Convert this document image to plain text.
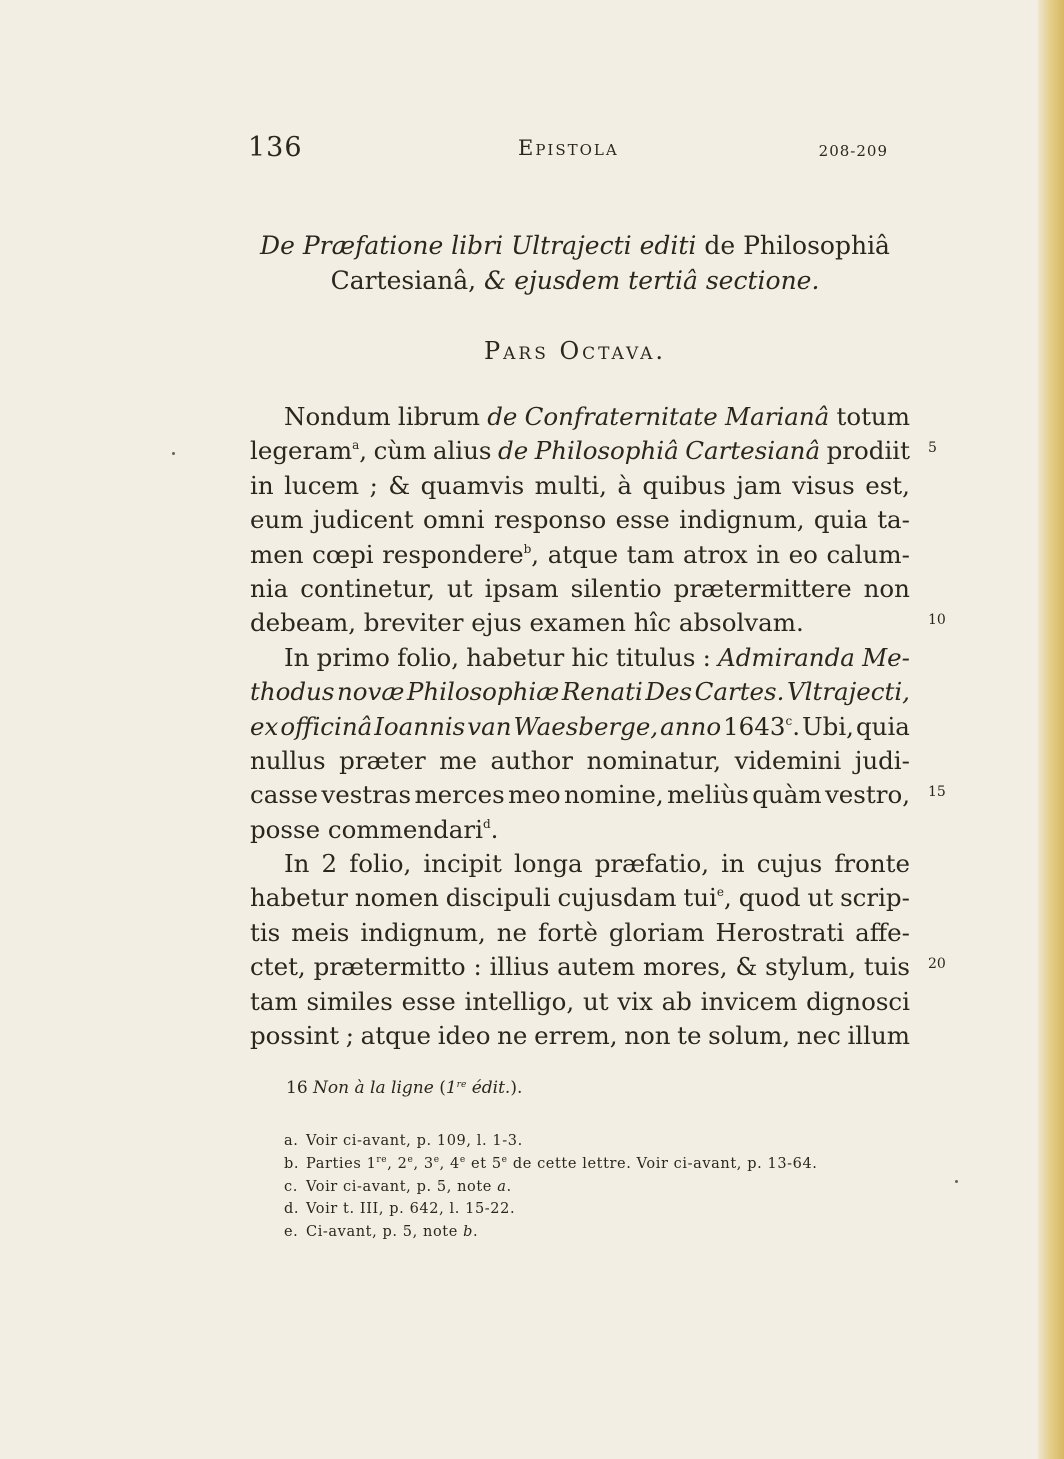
136	Epistola	208-209
De Præfatione libri Ultrajecti editi de Philosophiâ
Cartesianâ, & ejusdem tertiâ sectione.
Pars Octava.
Nondum librum de Confraternitate Marianâ totum
legeram$^a$, cùm alius de Philosophiâ Cartesianâ prodiit
in lucem ; & quamvis multi, à quibus jam visus est,
eum judicent omni responso esse indignum, quia ta-
men cœpi respondere$^b$, atque tam atrox in eo calum-
nia continetur, ut ipsam silentio prætermittere non
debeam,
breviter
ejus
examen
hîc
absolvam.
In primo folio, habetur hic titulus : Admiranda Me-
thodus novæ Philosophiæ Renati Des Cartes. Vltrajecti,
ex officinâ Ioannis van Waesberge, anno 1643$^c$. Ubi, quia
nullus præter me author nominatur, videmini judi-
casse vestras merces meo nomine, meliùs quàm vestro,
posse
commendari$^d$.
In 2 folio, incipit longa præfatio, in cujus fronte
habetur nomen discipuli cujusdam tui$^e$, quod ut scrip-
tis meis indignum, ne fortè gloriam Herostrati affe-
ctet, prætermitto : illius autem mores, & stylum, tuis
tam similes esse intelligo, ut vix ab invicem dignosci
possint ; atque ideo ne errem, non te solum, nec illum
5
10
15
20
16 Non à la ligne (1re édit.).
a. Voir ci-avant, p. 109, l. 1-3.
b. Parties 1re, 2e, 3e, 4e et 5e de cette lettre. Voir ci-avant, p. 13-64.
c. Voir ci-avant, p. 5, note a.
d. Voir t. III, p. 642, l. 15-22.
e. Ci-avant, p. 5, note b.
